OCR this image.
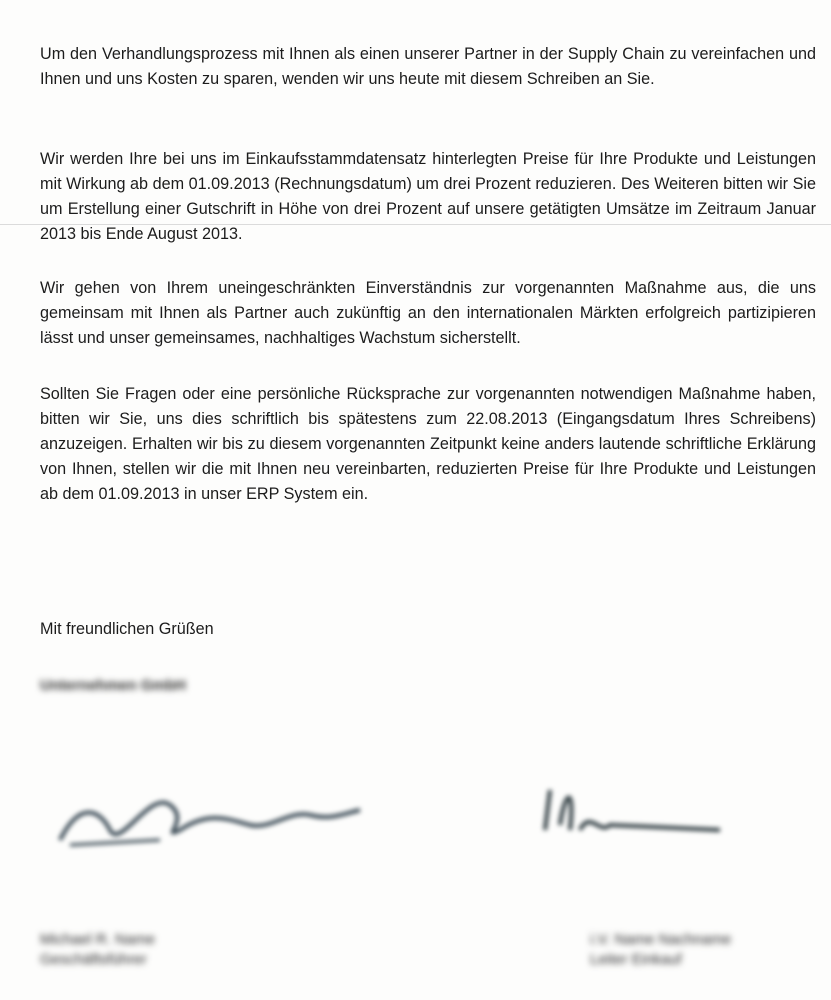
Um den Verhandlungsprozess mit Ihnen als einen unserer Partner in der Supply Chain zu vereinfachen und Ihnen und uns Kosten zu sparen, wenden wir uns heute mit diesem Schreiben an Sie.

Wir werden Ihre bei uns im Einkaufsstammdatensatz hinterlegten Preise für Ihre Produkte und Leistungen mit Wirkung ab dem 01.09.2013 (Rechnungsdatum) um drei Prozent reduzieren. Des Weiteren bitten wir Sie um Erstellung einer Gutschrift in Höhe von drei Prozent auf unsere getätigten Umsätze im Zeitraum Januar 2013 bis Ende August 2013.

Wir gehen von Ihrem uneingeschränkten Einverständnis zur vorgenannten Maßnahme aus, die uns gemeinsam mit Ihnen als Partner auch zukünftig an den internationalen Märkten erfolgreich partizipieren lässt und unser gemeinsames, nachhaltiges Wachstum sicherstellt.

Sollten Sie Fragen oder eine persönliche Rücksprache zur vorgenannten notwendigen Maßnahme haben, bitten wir Sie, uns dies schriftlich bis spätestens zum 22.08.2013 (Eingangsdatum Ihres Schreibens) anzuzeigen. Erhalten wir bis zu diesem vorgenannten Zeitpunkt keine anders lautende schriftliche Erklärung von Ihnen, stellen wir die mit Ihnen neu vereinbarten, reduzierten Preise für Ihre Produkte und Leistungen ab dem 01.09.2013 in unser ERP System ein.

Mit freundlichen Grüßen

Unternehmen GmbH

Michael R. Name
Geschäftsführer
i.V. Name Nachname
Leiter Einkauf
